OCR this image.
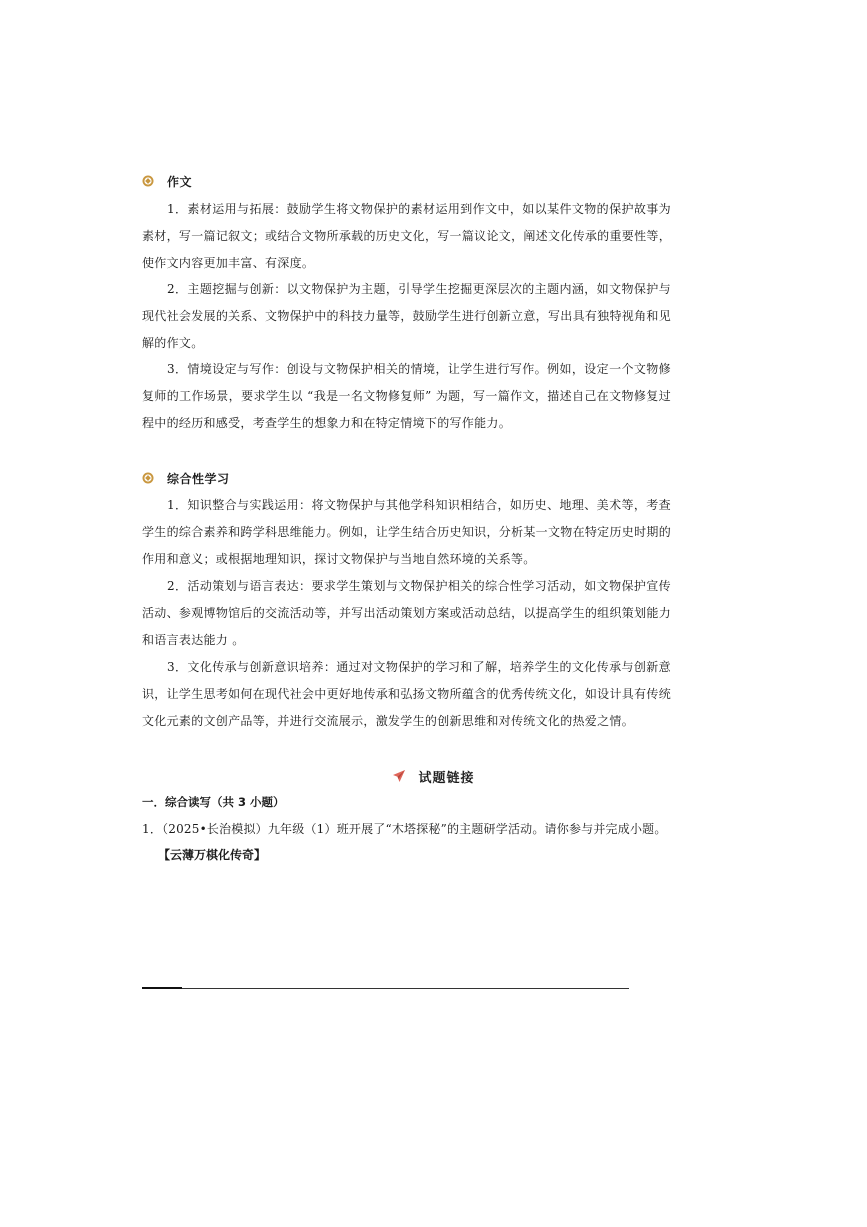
作文

1．素材运用与拓展：鼓励学生将文物保护的素材运用到作文中，如以某件文物的保护故事为素材，写一篇记叙文；或结合文物所承载的历史文化，写一篇议论文，阐述文化传承的重要性等，使作文内容更加丰富、有深度。

2．主题挖掘与创新：以文物保护为主题，引导学生挖掘更深层次的主题内涵，如文物保护与现代社会发展的关系、文物保护中的科技力量等，鼓励学生进行创新立意，写出具有独特视角和见解的作文。

3．情境设定与写作：创设与文物保护相关的情境，让学生进行写作。例如，设定一个文物修复师的工作场景，要求学生以 “我是一名文物修复师” 为题，写一篇作文，描述自己在文物修复过程中的经历和感受，考查学生的想象力和在特定情境下的写作能力。

综合性学习

1．知识整合与实践运用：将文物保护与其他学科知识相结合，如历史、地理、美术等，考查学生的综合素养和跨学科思维能力。例如，让学生结合历史知识，分析某一文物在特定历史时期的作用和意义；或根据地理知识，探讨文物保护与当地自然环境的关系等。

2．活动策划与语言表达：要求学生策划与文物保护相关的综合性学习活动，如文物保护宣传活动、参观博物馆后的交流活动等，并写出活动策划方案或活动总结，以提高学生的组织策划能力和语言表达能力 。

3．文化传承与创新意识培养：通过对文物保护的学习和了解，培养学生的文化传承与创新意识，让学生思考如何在现代社会中更好地传承和弘扬文物所蕴含的优秀传统文化，如设计具有传统文化元素的文创产品等，并进行交流展示，激发学生的创新思维和对传统文化的热爱之情。

试题链接
一．综合读写（共 3 小题）
1．（2025•长治模拟）九年级（1）班开展了“木塔探秘”的主题研学活动。请你参与并完成小题。
【云薄万棋化传奇】
